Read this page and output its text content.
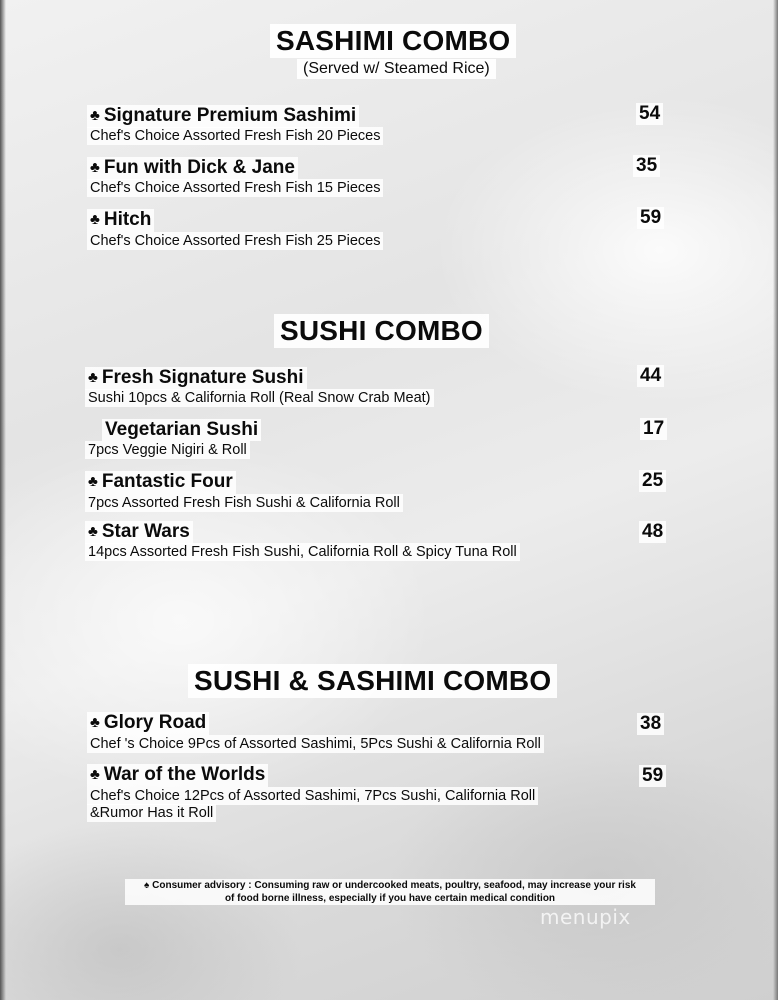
SASHIMI COMBO

(Served w/ Steamed Rice)

♣ Signature Premium Sashimi

Chef's Choice Assorted Fresh Fish 20 Pieces

54

♣ Fun with Dick & Jane

Chef's Choice Assorted Fresh Fish 15 Pieces

35

♣ Hitch

Chef's Choice Assorted Fresh Fish 25 Pieces

59

SUSHI COMBO

♣ Fresh Signature Sushi

Sushi 10pcs & California Roll (Real Snow Crab Meat)

44

Vegetarian Sushi

7pcs Veggie Nigiri & Roll

17

♣ Fantastic Four

7pcs Assorted Fresh Fish Sushi & California Roll

25

♣ Star Wars

14pcs Assorted Fresh Fish Sushi, California Roll & Spicy Tuna Roll

48

SUSHI & SASHIMI COMBO

♣ Glory Road

Chef 's Choice 9Pcs of Assorted Sashimi, 5Pcs Sushi & California Roll

38

♣ War of the Worlds

Chef's Choice 12Pcs of Assorted Sashimi, 7Pcs Sushi, California Roll

&Rumor Has it Roll

59

♠ Consumer advisory : Consuming raw or undercooked meats, poultry, seafood, may increase your risk
of food borne illness, especially if you have certain medical condition

menupix
